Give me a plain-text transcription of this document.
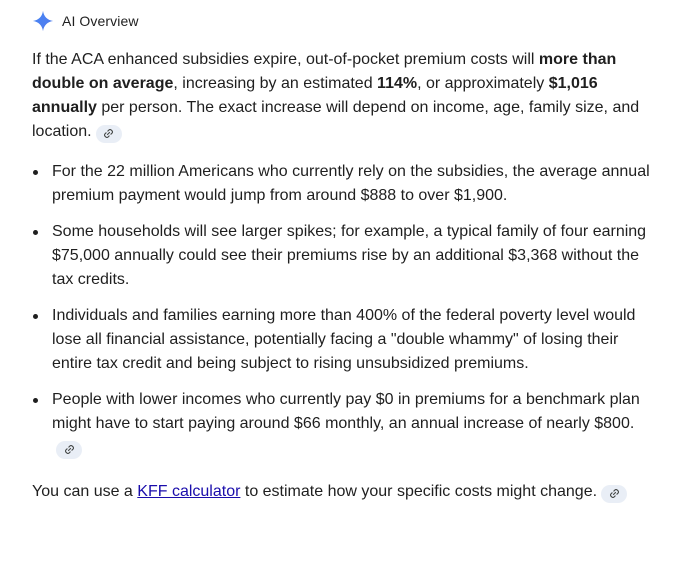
AI Overview

If the ACA enhanced subsidies expire, out-of-pocket premium costs will more than double on average, increasing by an estimated 114%, or approximately $1,016 annually per person. The exact increase will depend on income, age, family size, and location.

For the 22 million Americans who currently rely on the subsidies, the average annual premium payment would jump from around $888 to over $1,900.
Some households will see larger spikes; for example, a typical family of four earning $75,000 annually could see their premiums rise by an additional $3,368 without the tax credits.
Individuals and families earning more than 400% of the federal poverty level would lose all financial assistance, potentially facing a "double whammy" of losing their entire tax credit and being subject to rising unsubsidized premiums.
People with lower incomes who currently pay $0 in premiums for a benchmark plan might have to start paying around $66 monthly, an annual increase of nearly $800.

You can use a KFF calculator to estimate how your specific costs might change.
